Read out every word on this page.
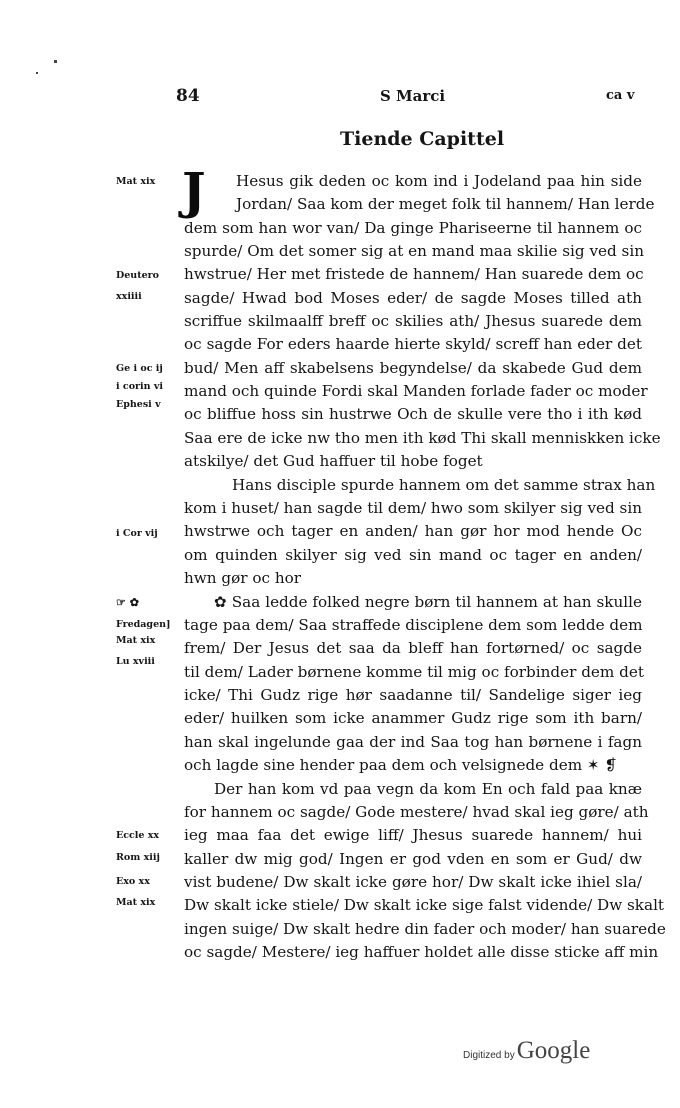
84	S Marci	ca v
Tiende Capittel
J
Mat xix
Deutero
xxiiii
Ge i oc ij
i corin vi
Ephesi v
i Cor vij
☞ ✿
Fredagen]
Mat xix
Lu xviii
Eccle xx
Rom xiij
Exo xx
Mat xix
Hesus gik deden oc kom ind i Jodeland paa hin side
Jordan/ Saa kom der meget folk til hannem/ Han lerde
dem som han wor van/ Da ginge Phariseerne til hannem oc
spurde/ Om det somer sig at en mand maa skilie sig ved sin
hwstrue/ Her met fristede de hannem/ Han suarede dem oc
sagde/ Hwad bod Moses eder/ de sagde Moses tilled ath
scriffue skilmaalff breff oc skilies ath/ Jhesus suarede dem
oc sagde For eders haarde hierte skyld/ screff han eder det
bud/ Men aff skabelsens begyndelse/ da skabede Gud dem
mand och quinde Fordi skal Manden forlade fader oc moder
oc bliffue hoss sin hustrwe Och de skulle vere tho i ith kød
Saa ere de icke nw tho men ith kød Thi skall menniskken icke
atskilye/ det Gud haffuer til hobe foget
Hans disciple spurde hannem om det samme strax han
kom i huset/ han sagde til dem/ hwo som skilyer sig ved sin
hwstrwe och tager en anden/ han gør hor mod hende Oc
om quinden skilyer sig ved sin mand oc tager en anden/
hwn gør oc hor
✿ Saa ledde folked negre børn til hannem at han skulle
tage paa dem/ Saa straffede disciplene dem som ledde dem
frem/ Der Jesus det saa da bleff han fortørned/ oc sagde
til dem/ Lader børnene komme til mig oc forbinder dem det
icke/ Thi Gudz rige hør saadanne til/ Sandelige siger ieg
eder/ huilken som icke anammer Gudz rige som ith barn/
han skal ingelunde gaa der ind Saa tog han børnene i fagn
och lagde sine hender paa dem och velsignede dem ✶ ❡
Der han kom vd paa vegn da kom En och fald paa knæ
for hannem oc sagde/ Gode mestere/ hvad skal ieg gøre/ ath
ieg maa faa det ewige liff/ Jhesus suarede hannem/ hui
kaller dw mig god/ Ingen er god vden en som er Gud/ dw
vist budene/ Dw skalt icke gøre hor/ Dw skalt icke ihiel sla/
Dw skalt icke stiele/ Dw skalt icke sige falst vidende/ Dw skalt
ingen suige/ Dw skalt hedre din fader och moder/ han suarede
oc sagde/ Mestere/ ieg haffuer holdet alle disse sticke aff min
Digitized byGoogle
